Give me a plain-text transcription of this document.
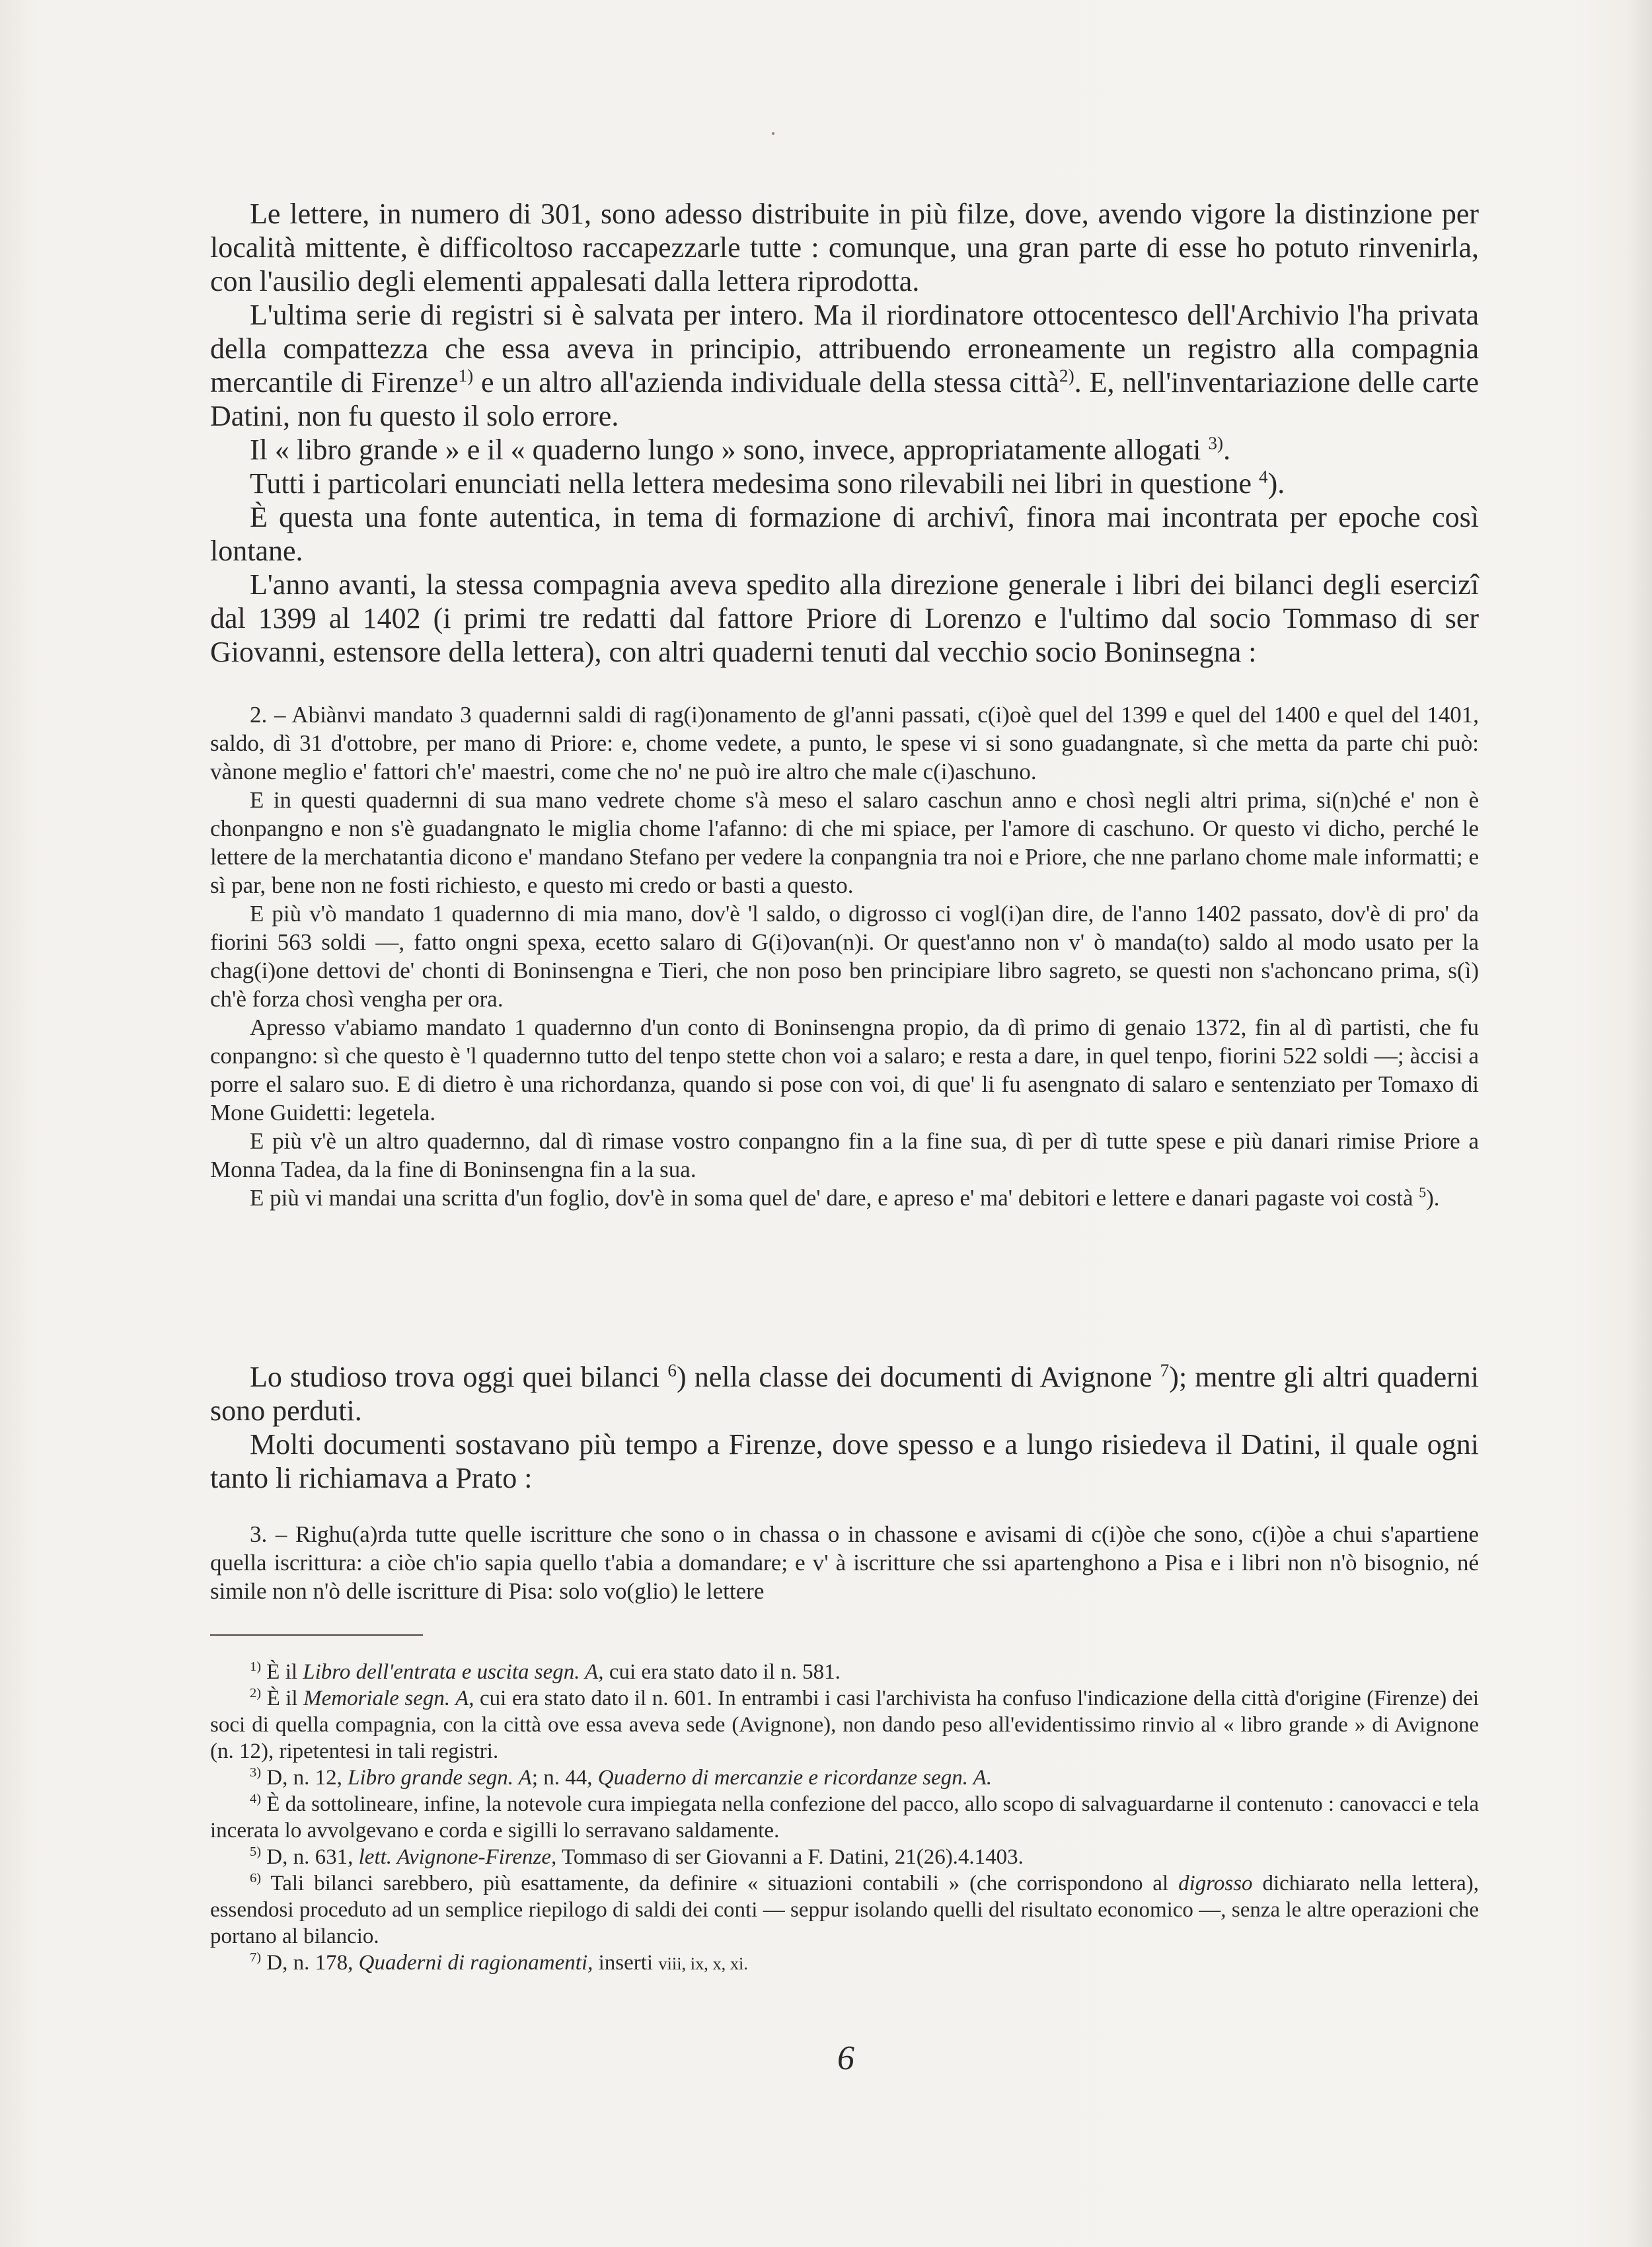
Le lettere, in numero di 301, sono adesso distribuite in più filze, dove, avendo vigore la distinzione per località mittente, è difficoltoso raccapezzarle tutte : comunque, una gran parte di esse ho potuto rinvenirla, con l'ausilio degli elementi appalesati dalla lettera riprodotta.

L'ultima serie di registri si è salvata per intero. Ma il riordinatore ottocentesco dell'Archivio l'ha privata della compattezza che essa aveva in principio, attribuendo erroneamente un registro alla compagnia mercantile di Firenze$^{1)}$ e un altro all'azienda individuale della stessa città$^{2)}$. E, nell'inventariazione delle carte Datini, non fu questo il solo errore.

Il « libro grande » e il « quaderno lungo » sono, invece, appropriatamente allogati $^{3)}$.

Tutti i particolari enunciati nella lettera medesima sono rilevabili nei libri in questione $^4$).

È questa una fonte autentica, in tema di formazione di archivî, finora mai incontrata per epoche così lontane.

L'anno avanti, la stessa compagnia aveva spedito alla direzione generale i libri dei bilanci degli esercizî dal 1399 al 1402 (i primi tre redatti dal fattore Priore di Lorenzo e l'ultimo dal socio Tommaso di ser Giovanni, estensore della lettera), con altri quaderni tenuti dal vecchio socio Boninsegna :

2. – Abiànvi mandato 3 quadernni saldi di rag(i)onamento de gl'anni passati, c(i)oè quel del 1399 e quel del 1400 e quel del 1401, saldo, dì 31 d'ottobre, per mano di Priore: e, chome vedete, a punto, le spese vi si sono guadangnate, sì che metta da parte chi può: vànone meglio e' fattori ch'e' maestri, come che no' ne può ire altro che male c(i)aschuno.

E in questi quadernni di sua mano vedrete chome s'à meso el salaro caschun anno e chosì negli altri prima, si(n)ché e' non è chonpangno e non s'è guadangnato le miglia chome l'afanno: di che mi spiace, per l'amore di caschuno. Or questo vi dicho, perché le lettere de la merchatantia dicono e' mandano Stefano per vedere la conpangnia tra noi e Priore, che nne parlano chome male informatti; e sì par, bene non ne fosti richiesto, e questo mi credo or basti a questo.

E più v'ò mandato 1 quadernno di mia mano, dov'è 'l saldo, o digrosso ci vogl(i)an dire, de l'anno 1402 passato, dov'è di pro' da fiorini 563 soldi —, fatto ongni spexa, ecetto salaro di G(i)ovan(n)i. Or quest'anno non v' ò manda(to) saldo al modo usato per la chag(i)one dettovi de' chonti di Boninsengna e Tieri, che non poso ben principiare libro sagreto, se questi non s'achoncano prima, s(ì) ch'è forza chosì vengha per ora.

Apresso v'abiamo mandato 1 quadernno d'un conto di Boninsengna propio, da dì primo di genaio 1372, fin al dì partisti, che fu conpangno: sì che questo è 'l quadernno tutto del tenpo stette chon voi a salaro; e resta a dare, in quel tenpo, fiorini 522 soldi —; àccisi a porre el salaro suo. E di dietro è una richordanza, quando si pose con voi, di que' li fu asengnato di salaro e sentenziato per Tomaxo di Mone Guidetti: legetela.

E più v'è un altro quadernno, dal dì rimase vostro conpangno fin a la fine sua, dì per dì tutte spese e più danari rimise Priore a Monna Tadea, da la fine di Boninsengna fin a la sua.

E più vi mandai una scritta d'un foglio, dov'è in soma quel de' dare, e apreso e' ma' debitori e lettere e danari pagaste voi costà $^5$).

Lo studioso trova oggi quei bilanci $^6$) nella classe dei documenti di Avignone $^7$); mentre gli altri quaderni sono perduti.

Molti documenti sostavano più tempo a Firenze, dove spesso e a lungo risiedeva il Datini, il quale ogni tanto li richiamava a Prato :

3. – Righu(a)rda tutte quelle iscritture che sono o in chassa o in chassone e avisami di c(i)òe che sono, c(i)òe a chui s'apartiene quella iscrittura: a ciòe ch'io sapia quello t'abia a domandare; e v' à iscritture che ssi apartenghono a Pisa e i libri non n'ò bisognio, né simile non n'ò delle iscritture di Pisa: solo vo(glio) le lettere

$^{1)}$ È il Libro dell'entrata e uscita segn. A, cui era stato dato il n. 581.

$^{2)}$ È il Memoriale segn. A, cui era stato dato il n. 601. In entrambi i casi l'archivista ha confuso l'indicazione della città d'origine (Firenze) dei soci di quella compagnia, con la città ove essa aveva sede (Avignone), non dando peso all'evidentissimo rinvio al « libro grande » di Avignone (n. 12), ripetentesi in tali registri.

$^{3)}$ D, n. 12, Libro grande segn. A; n. 44, Quaderno di mercanzie e ricordanze segn. A.

$^{4)}$ È da sottolineare, infine, la notevole cura impiegata nella confezione del pacco, allo scopo di salvaguardarne il contenuto : canovacci e tela incerata lo avvolgevano e corda e sigilli lo serravano saldamente.

$^{5)}$ D, n. 631, lett. Avignone-Firenze, Tommaso di ser Giovanni a F. Datini, 21(26).4.1403.

$^{6)}$ Tali bilanci sarebbero, più esattamente, da definire « situazioni contabili » (che corrispondono al digrosso dichiarato nella lettera), essendosi proceduto ad un semplice riepilogo di saldi dei conti — seppur isolando quelli del risultato economico —, senza le altre operazioni che portano al bilancio.

$^{7)}$ D, n. 178, Quaderni di ragionamenti, inserti viii, ix, x, xi.

6
